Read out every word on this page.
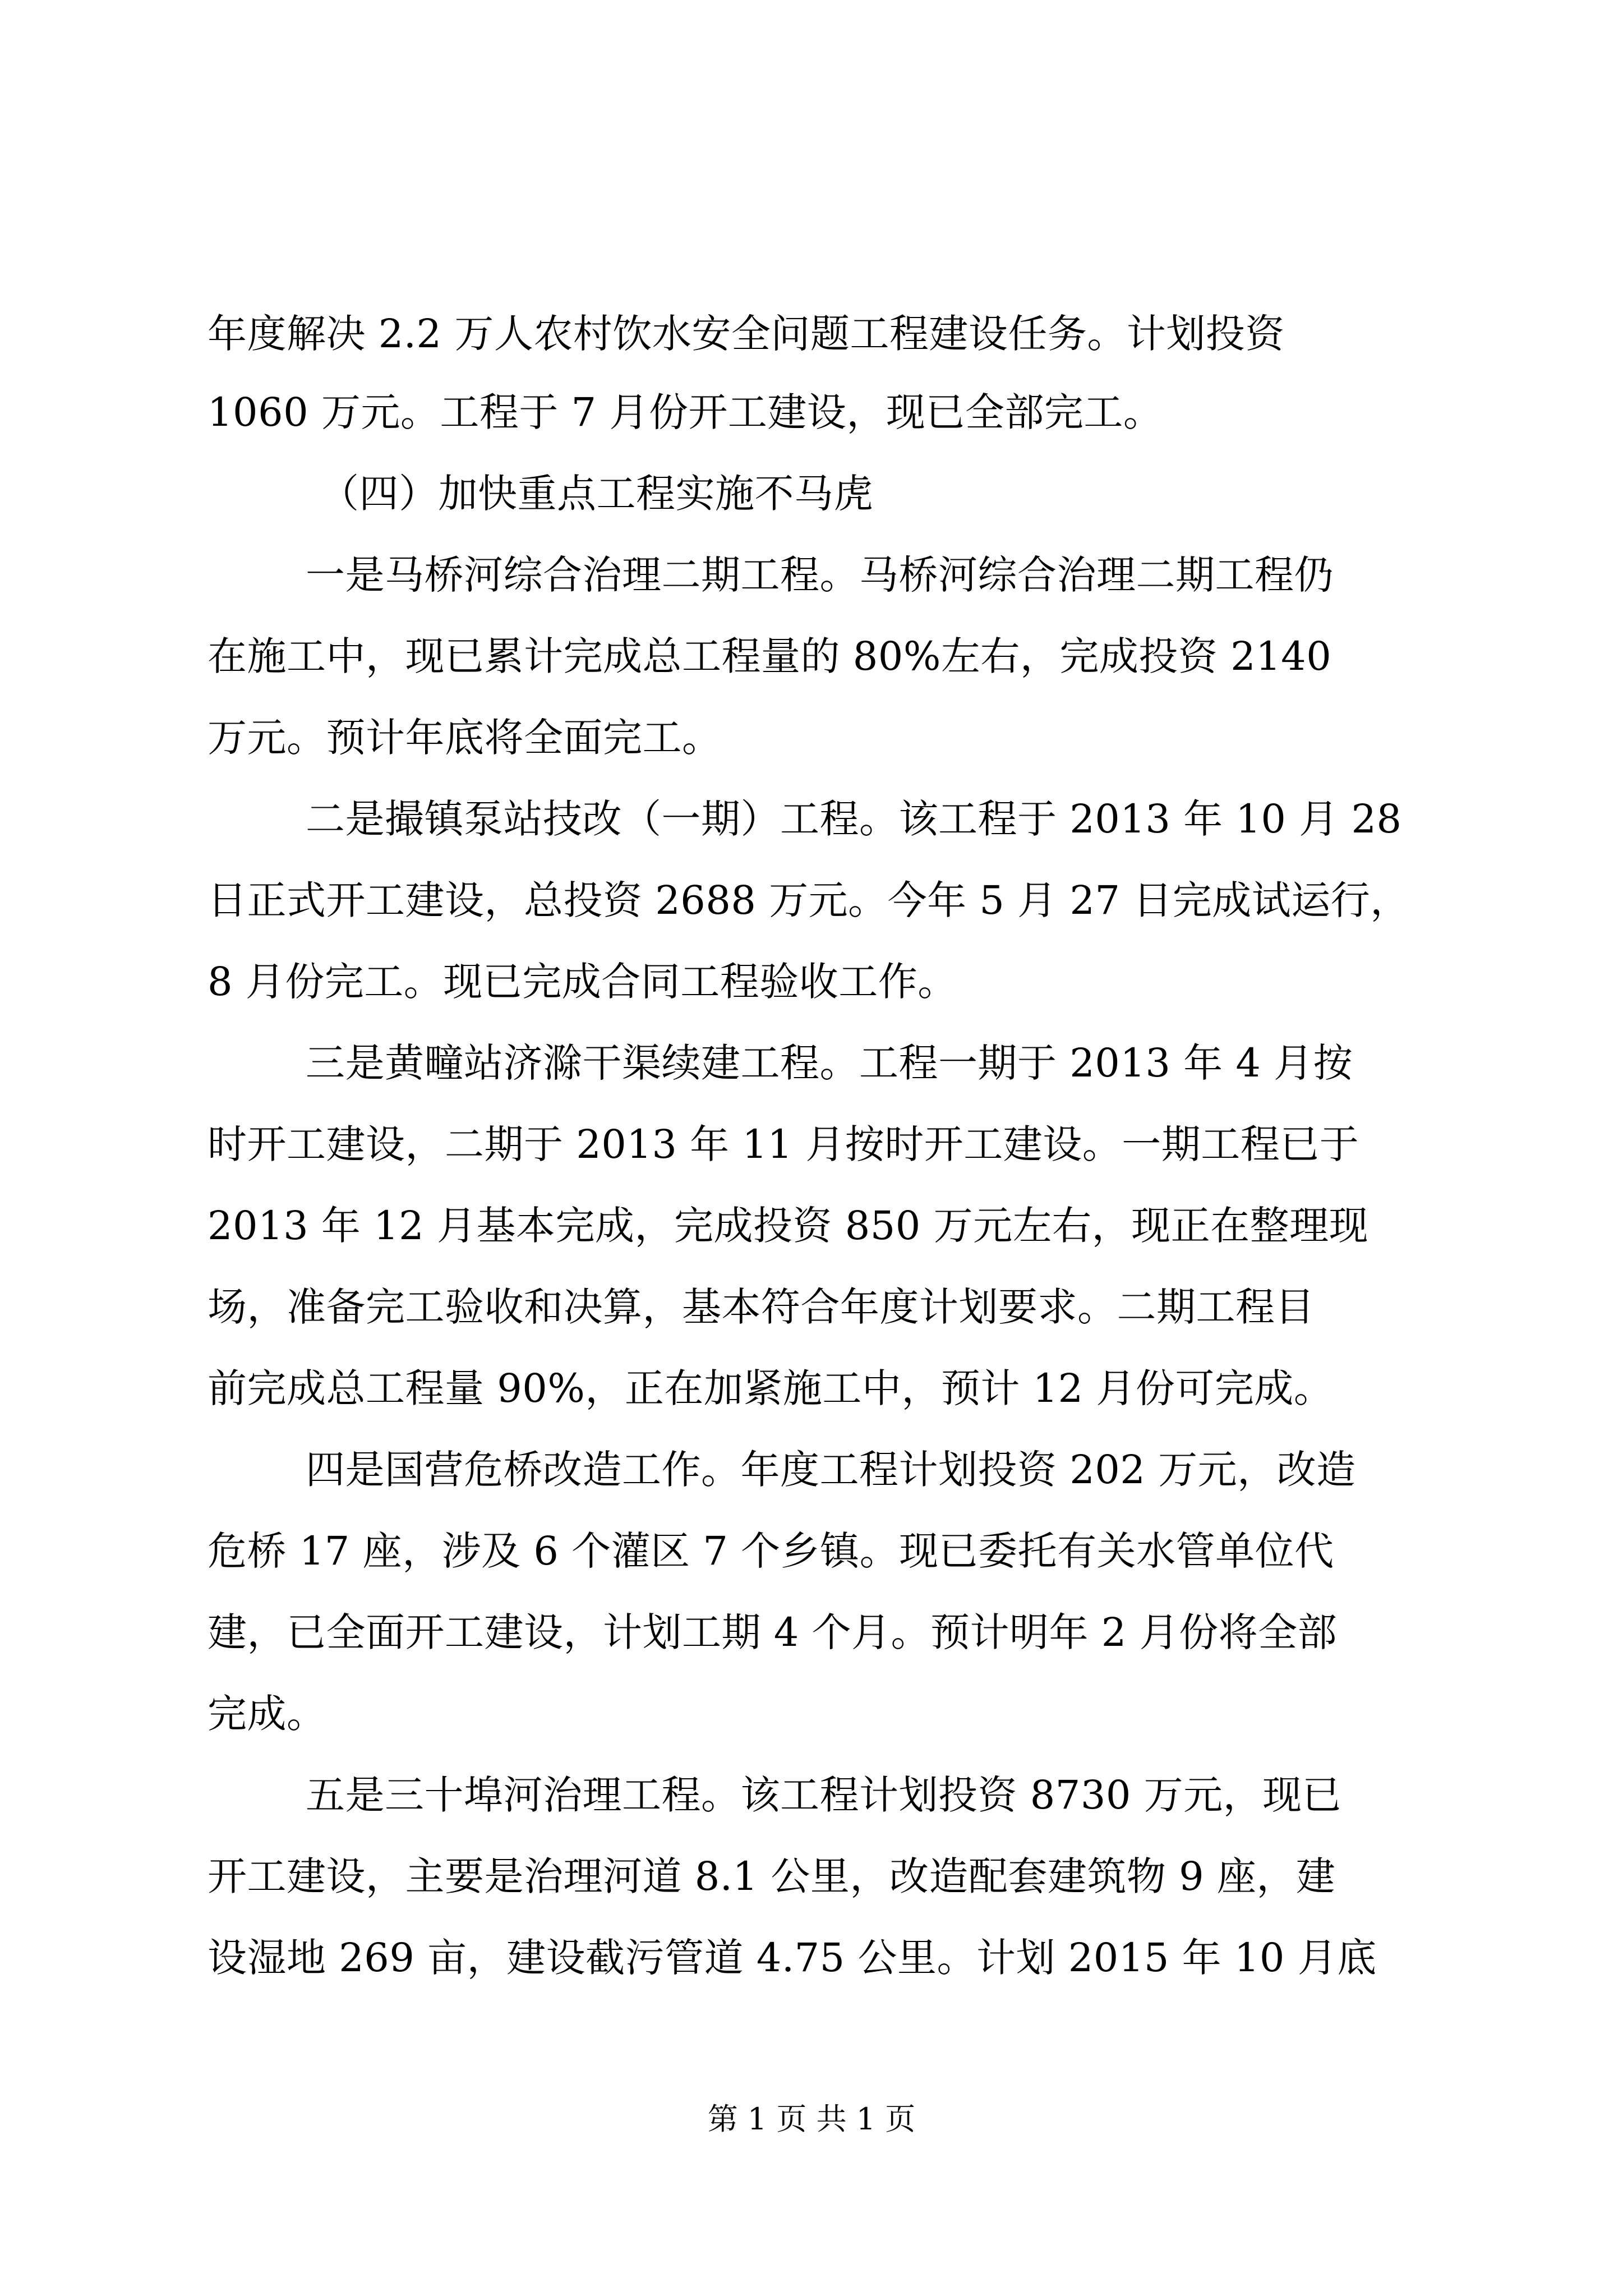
年度解决 2.2 万人农村饮水安全问题工程建设任务。计划投资
1060 万元。工程于 7 月份开工建设，现已全部完工。
（四）加快重点工程实施不马虎
一是马桥河综合治理二期工程。马桥河综合治理二期工程仍
在施工中，现已累计完成总工程量的 80%左右，完成投资 2140
万元。预计年底将全面完工。
二是撮镇泵站技改（一期）工程。该工程于 2013 年 10 月 28
日正式开工建设，总投资 2688 万元。今年 5 月 27 日完成试运行，
8 月份完工。现已完成合同工程验收工作。
三是黄疃站济滁干渠续建工程。工程一期于 2013 年 4 月按
时开工建设，二期于 2013 年 11 月按时开工建设。一期工程已于
2013 年 12 月基本完成，完成投资 850 万元左右，现正在整理现
场，准备完工验收和决算，基本符合年度计划要求。二期工程目
前完成总工程量 90%，正在加紧施工中，预计 12 月份可完成。
四是国营危桥改造工作。年度工程计划投资 202 万元，改造
危桥 17 座，涉及 6 个灌区 7 个乡镇。现已委托有关水管单位代
建，已全面开工建设，计划工期 4 个月。预计明年 2 月份将全部
完成。
五是三十埠河治理工程。该工程计划投资 8730 万元，现已
开工建设，主要是治理河道 8.1 公里，改造配套建筑物 9 座，建
设湿地 269 亩，建设截污管道 4.75 公里。计划 2015 年 10 月底
第 1 页 共 1 页
